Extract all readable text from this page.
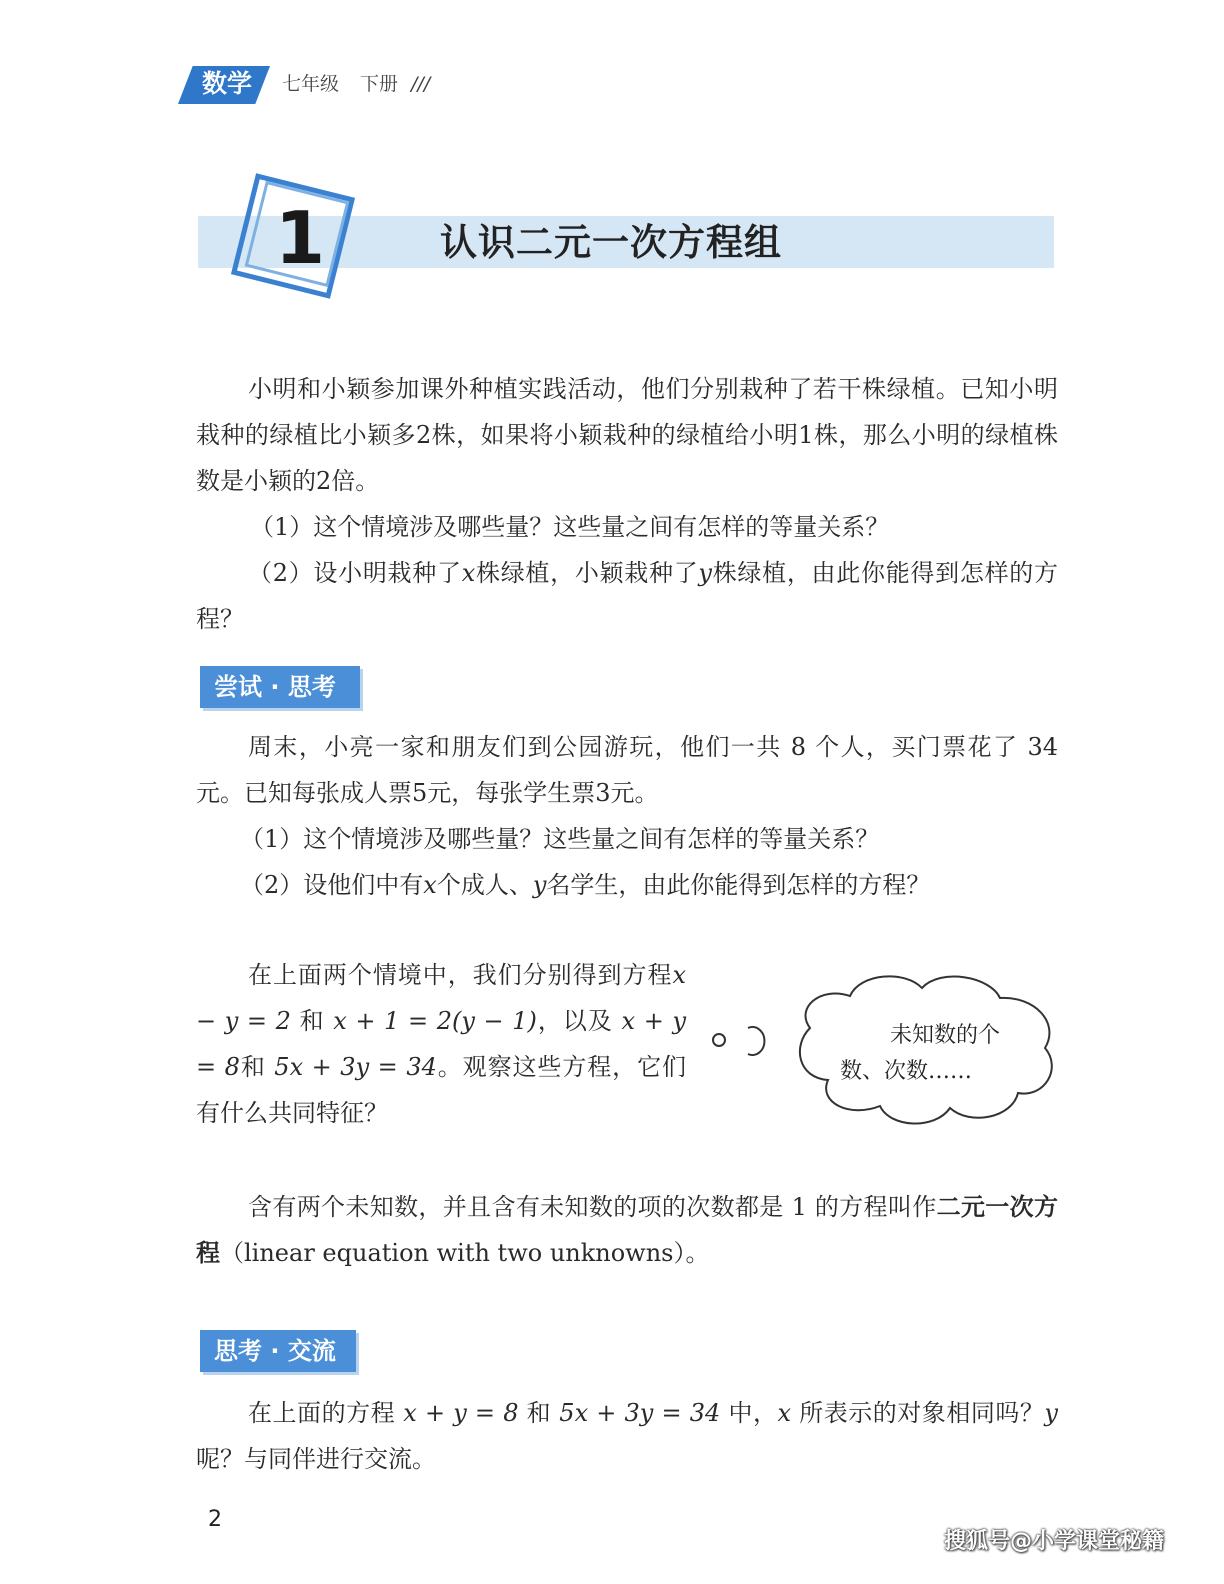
数学	七年级 下册 ///
1	认识二元一次方程组

小明和小颖参加课外种植实践活动，他们分别栽种了若干株绿植。已知小明栽种的绿植比小颖多2株，如果将小颖栽种的绿植给小明1株，那么小明的绿植株数是小颖的2倍。

（1）这个情境涉及哪些量？这些量之间有怎样的等量关系？

（2）设小明栽种了x株绿植，小颖栽种了y株绿植，由此你能得到怎样的方程？

尝试 · 思考

周末，小亮一家和朋友们到公园游玩，他们一共 8 个人，买门票花了 34 元。已知每张成人票5元，每张学生票3元。

（1）这个情境涉及哪些量？这些量之间有怎样的等量关系？

（2）设他们中有x个成人、y名学生，由此你能得到怎样的方程？

在上面两个情境中，我们分别得到方程x − y = 2 和 x + 1 = 2(y − 1)，以及 x + y = 8和 5x + 3y = 34。观察这些方程，它们有什么共同特征？

未知数的个
数、次数……

含有两个未知数，并且含有未知数的项的次数都是 1 的方程叫作二元一次方程（linear equation with two unknowns）。

思考 · 交流

在上面的方程 x + y = 8 和 5x + 3y = 34 中，x 所表示的对象相同吗？y 呢？与同伴进行交流。

2
搜狐号@小学课堂秘籍
